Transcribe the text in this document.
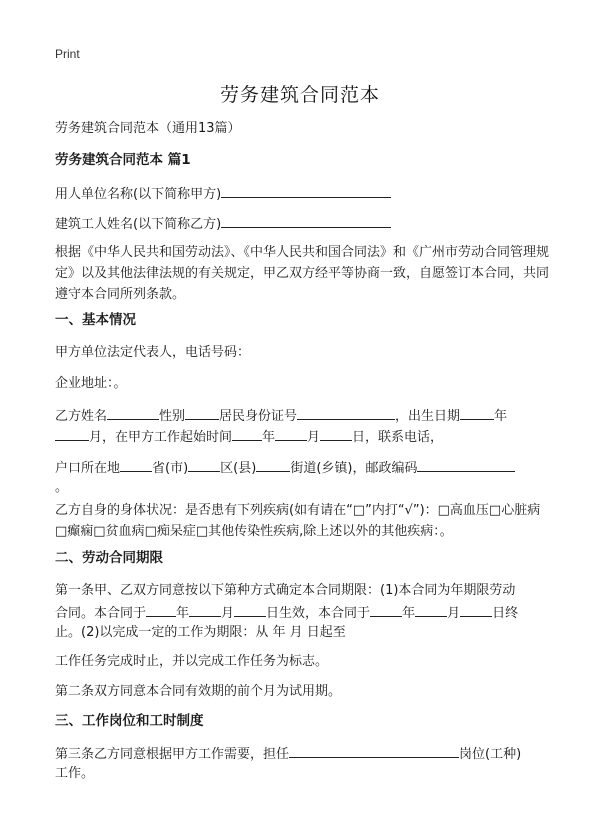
Print
劳务建筑合同范本
劳务建筑合同范本（通用13篇）
劳务建筑合同范本 篇1
用人单位名称(以下简称甲方)
建筑工人姓名(以下简称乙方)
根据《中华人民共和国劳动法》、《中华人民共和国合同法》和《广州市劳动合同管理规定》以及其他法律法规的有关规定，甲乙双方经平等协商一致，自愿签订本合同，共同遵守本合同所列条款。
一、基本情况
甲方单位法定代表人，电话号码：
企业地址：。
乙方姓名	性别	居民身份证号	，出生日期	年
月，在甲方工作起始时间 年 月 日，联系电话，
户口所在地 省(市) 区(县)	街道(乡镇)，邮政编码
。
乙方自身的身体状况：是否患有下列疾病(如有请在“□”内打“√”)：□高血压□心脏病□癫痫□贫血病□痴呆症□其他传染性疾病,除上述以外的其他疾病：。
二、劳动合同期限
第一条甲、乙双方同意按以下第种方式确定本合同期限：(1)本合同为年期限劳动
合同。本合同于 年 月 日生效，本合同于 年 月 日终
止。(2)以完成一定的工作为期限：从 年 月 日起至
工作任务完成时止，并以完成工作任务为标志。
第二条双方同意本合同有效期的前个月为试用期。
三、工作岗位和工时制度
第三条乙方同意根据甲方工作需要，担任	岗位(工种)
工作。
